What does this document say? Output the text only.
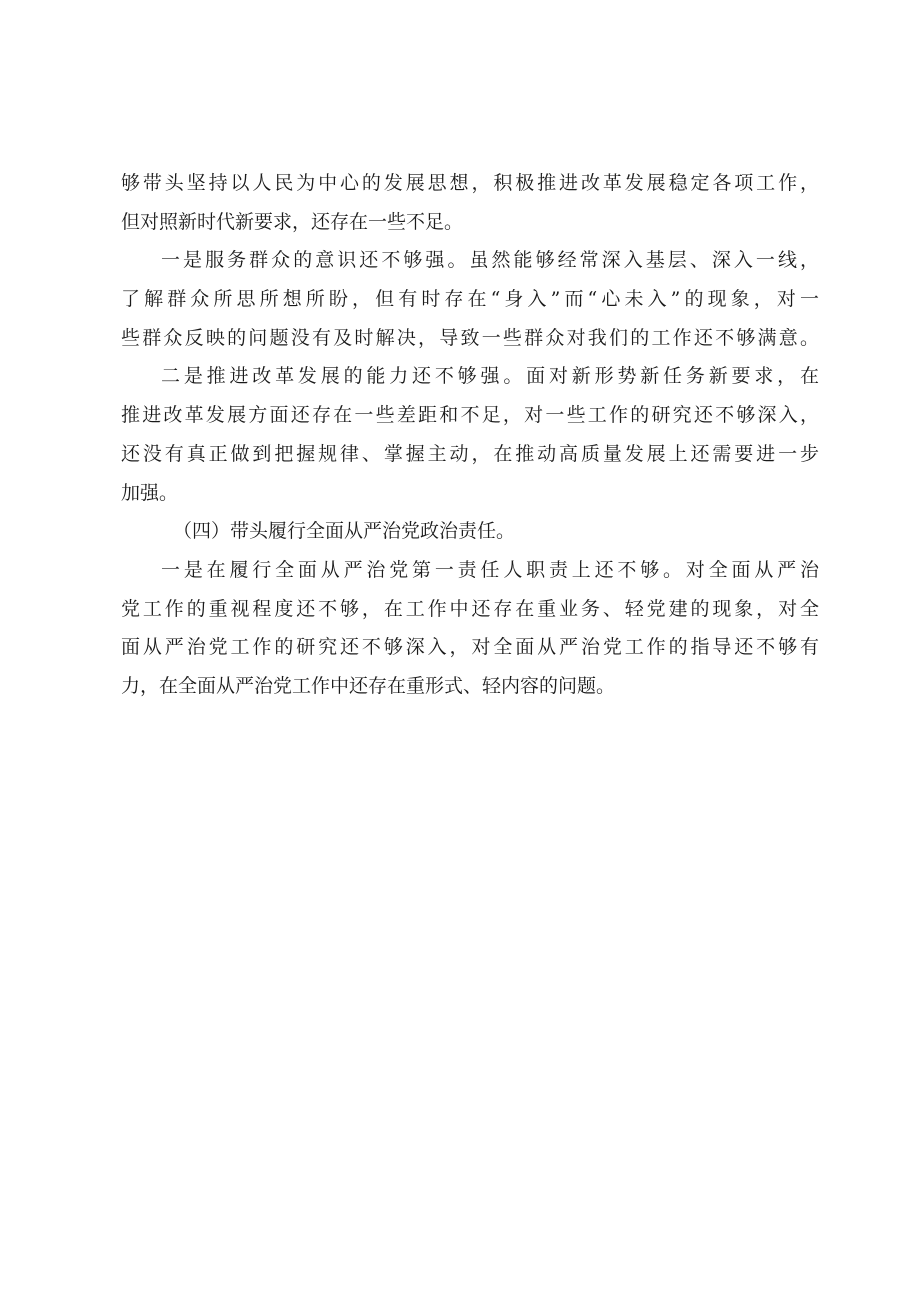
够带头坚持以人民为中心的发展思想，积极推进改革发展稳定各项工作，
但对照新时代新要求，还存在一些不足。
一是服务群众的意识还不够强。虽然能够经常深入基层、深入一线，
了解群众所思所想所盼，但有时存在“身入”而“心未入”的现象，对一
些群众反映的问题没有及时解决，导致一些群众对我们的工作还不够满意。
二是推进改革发展的能力还不够强。面对新形势新任务新要求，在
推进改革发展方面还存在一些差距和不足，对一些工作的研究还不够深入，
还没有真正做到把握规律、掌握主动，在推动高质量发展上还需要进一步
加强。
（四）带头履行全面从严治党政治责任。
一是在履行全面从严治党第一责任人职责上还不够。对全面从严治
党工作的重视程度还不够，在工作中还存在重业务、轻党建的现象，对全
面从严治党工作的研究还不够深入，对全面从严治党工作的指导还不够有
力，在全面从严治党工作中还存在重形式、轻内容的问题。
